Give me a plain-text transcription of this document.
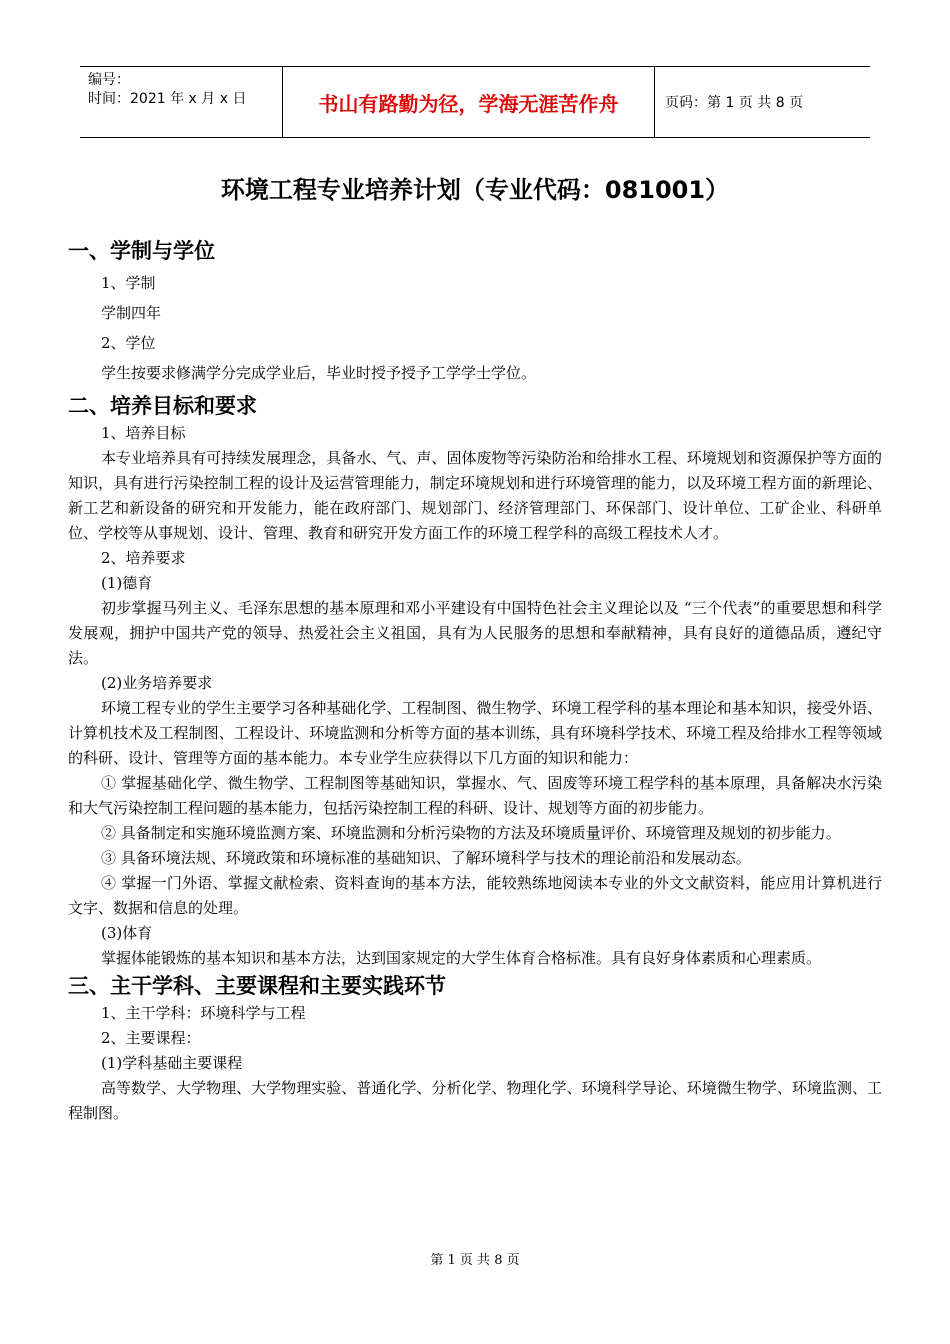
编号：
时间：2021 年 x 月 x 日	书山有路勤为径，学海无涯苦作舟	页码：第 1 页 共 8 页
环境工程专业培养计划（专业代码：081001）
一、学制与学位

1、学制

学制四年

2、学位

学生按要求修满学分完成学业后，毕业时授予授予工学学士学位。

二、培养目标和要求

1、培养目标

本专业培养具有可持续发展理念，具备水、气、声、固体废物等污染防治和给排水工程、环境规划和资源保护等方面的知识，具有进行污染控制工程的设计及运营管理能力，制定环境规划和进行环境管理的能力，以及环境工程方面的新理论、新工艺和新设备的研究和开发能力，能在政府部门、规划部门、经济管理部门、环保部门、设计单位、工矿企业、科研单位、学校等从事规划、设计、管理、教育和研究开发方面工作的环境工程学科的高级工程技术人才。

2、培养要求

(1)德育

初步掌握马列主义、毛泽东思想的基本原理和邓小平建设有中国特色社会主义理论以及 “三个代表”的重要思想和科学发展观，拥护中国共产党的领导、热爱社会主义祖国，具有为人民服务的思想和奉献精神，具有良好的道德品质，遵纪守法。

(2)业务培养要求

环境工程专业的学生主要学习各种基础化学、工程制图、微生物学、环境工程学科的基本理论和基本知识，接受外语、计算机技术及工程制图、工程设计、环境监测和分析等方面的基本训练，具有环境科学技术、环境工程及给排水工程等领域的科研、设计、管理等方面的基本能力。本专业学生应获得以下几方面的知识和能力：

① 掌握基础化学、微生物学、工程制图等基础知识，掌握水、气、固废等环境工程学科的基本原理，具备解决水污染和大气污染控制工程问题的基本能力，包括污染控制工程的科研、设计、规划等方面的初步能力。

② 具备制定和实施环境监测方案、环境监测和分析污染物的方法及环境质量评价、环境管理及规划的初步能力。

③ 具备环境法规、环境政策和环境标准的基础知识、了解环境科学与技术的理论前沿和发展动态。

④ 掌握一门外语、掌握文献检索、资料查询的基本方法，能较熟练地阅读本专业的外文文献资料，能应用计算机进行文字、数据和信息的处理。

(3)体育

掌握体能锻炼的基本知识和基本方法，达到国家规定的大学生体育合格标准。具有良好身体素质和心理素质。

三、主干学科、主要课程和主要实践环节

1、主干学科：环境科学与工程

2、主要课程：

(1)学科基础主要课程

高等数学、大学物理、大学物理实验、普通化学、分析化学、物理化学、环境科学导论、环境微生物学、环境监测、工程制图。

第 1 页 共 8 页
